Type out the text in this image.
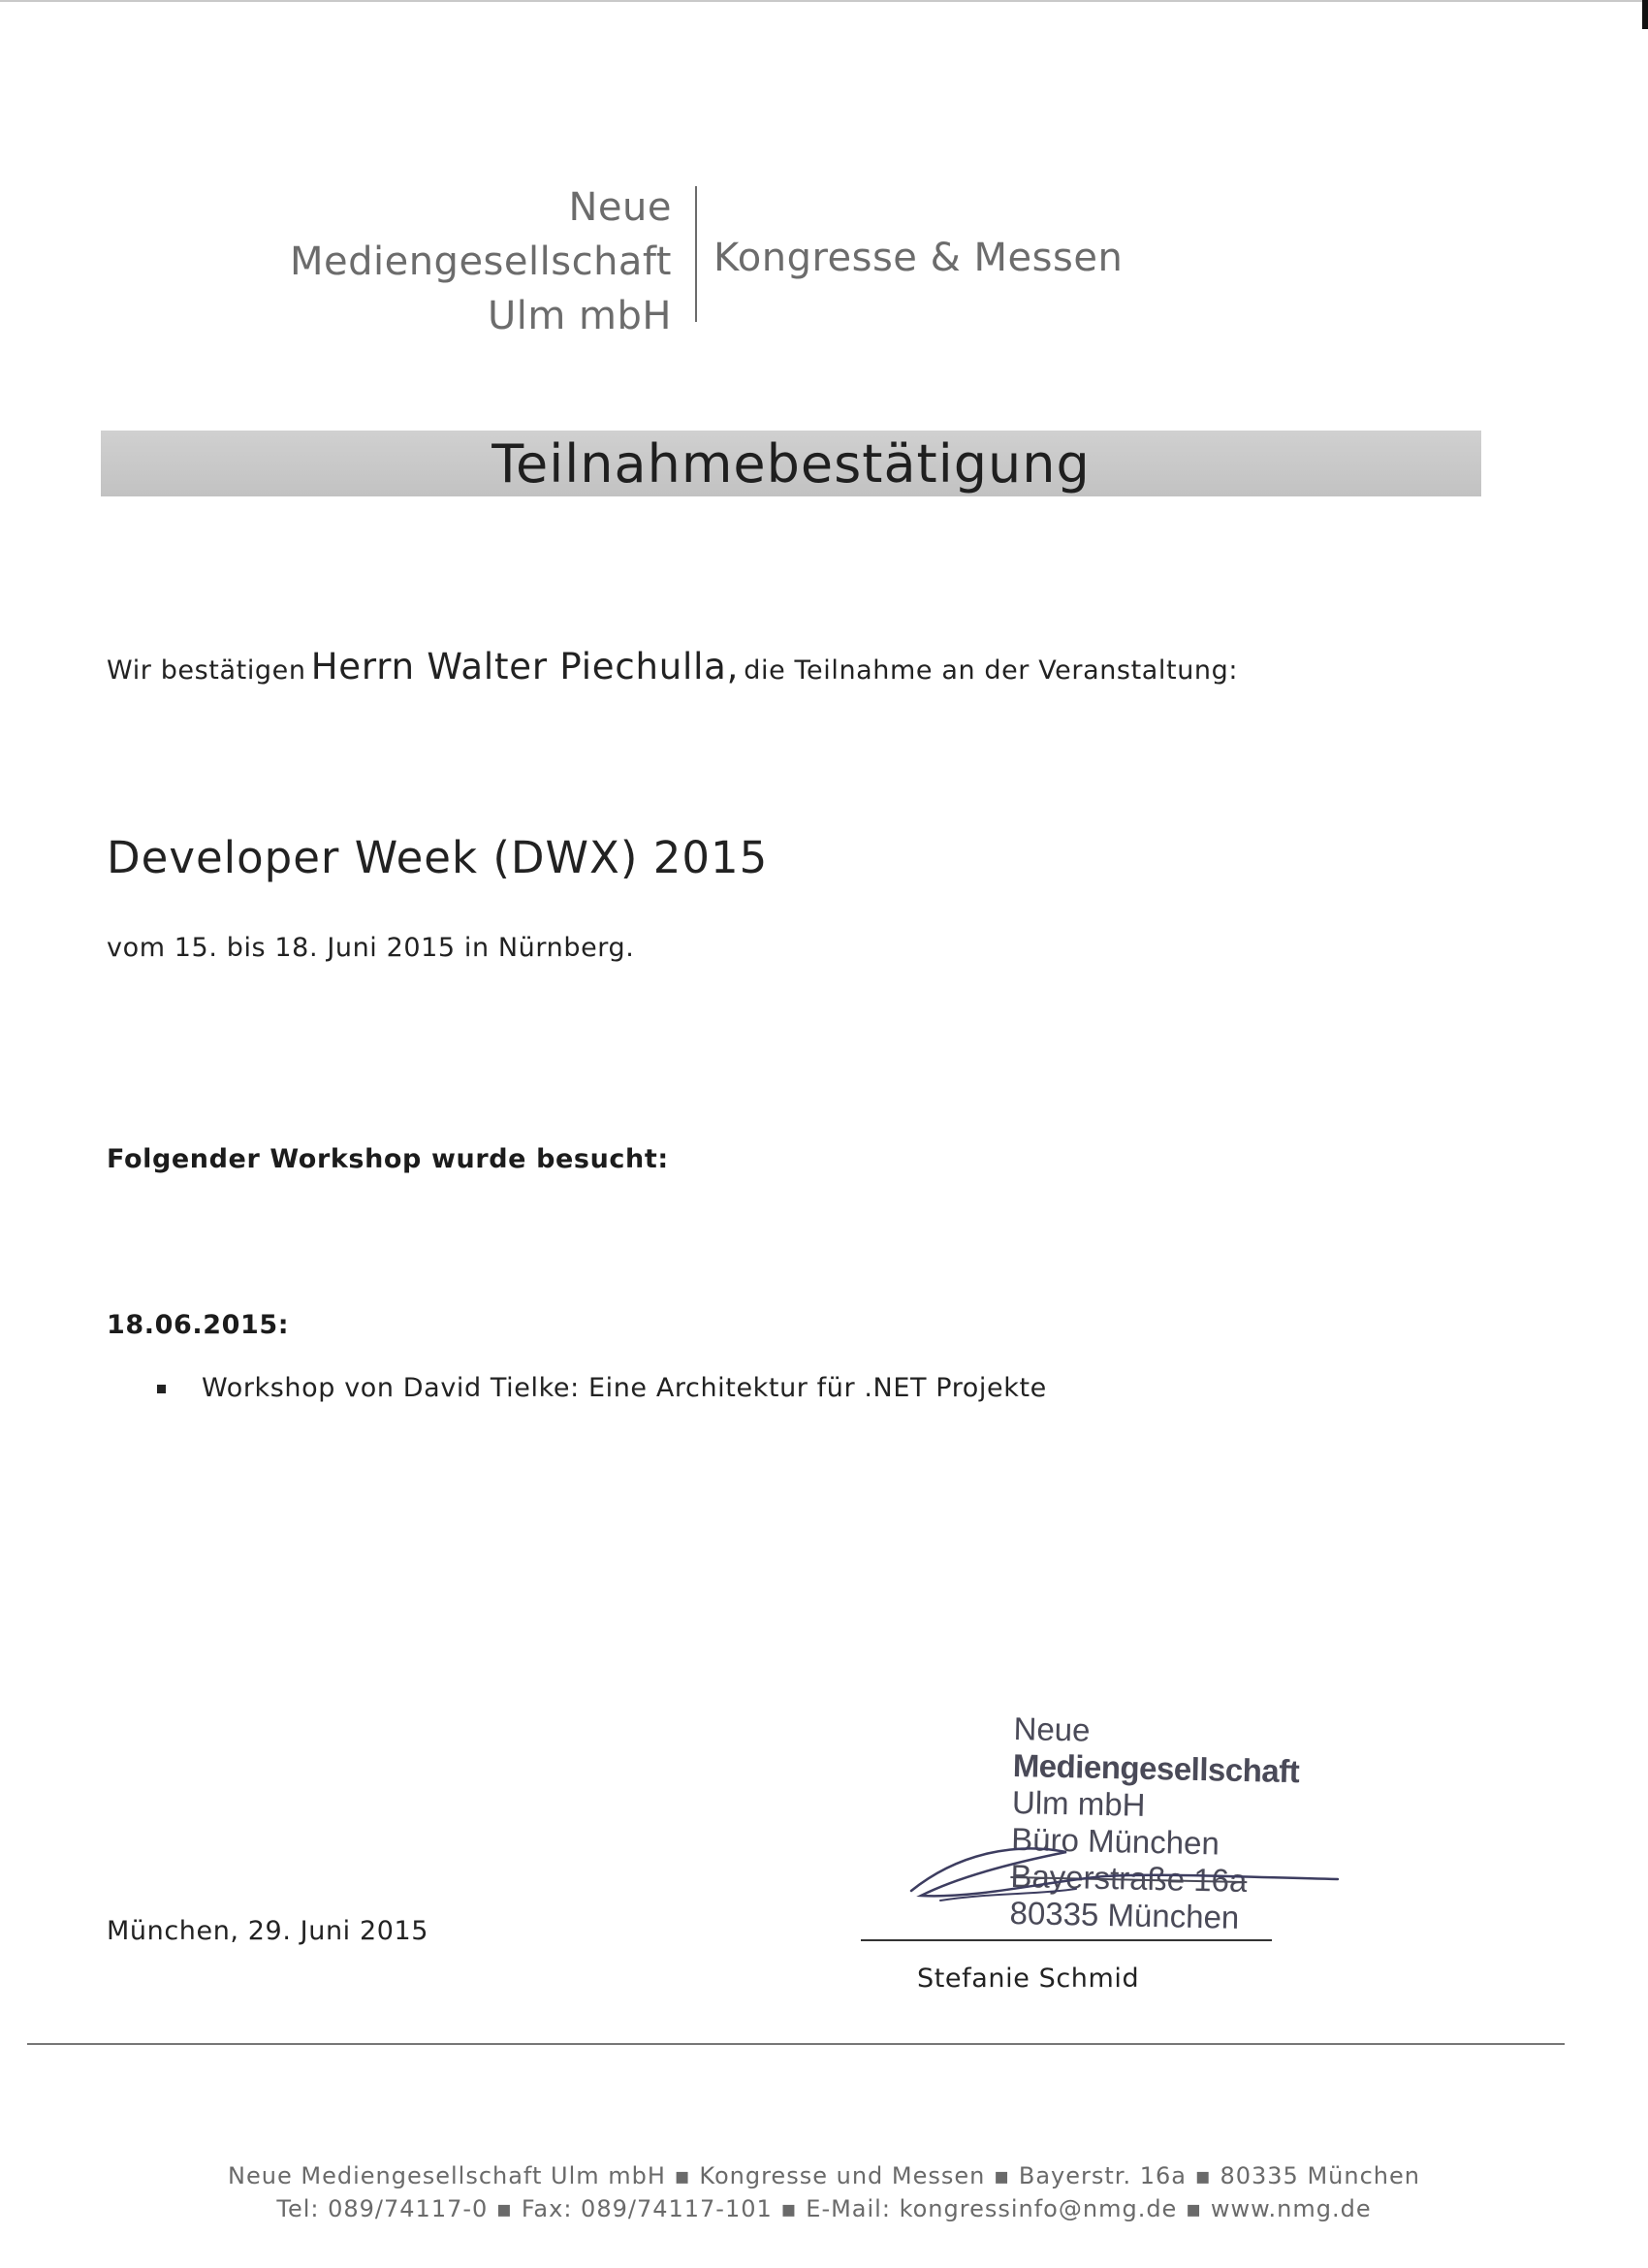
Neue
Mediengesellschaft
Ulm mbH
Kongresse & Messen
Teilnahmebestätigung
Wir bestätigen Herrn Walter Piechulla, die Teilnahme an der Veranstaltung:
Developer Week (DWX) 2015
vom 15. bis 18. Juni 2015 in Nürnberg.
Folgender Workshop wurde besucht:
18.06.2015:
Workshop von David Tielke: Eine Architektur für .NET Projekte
München, 29. Juni 2015
Neue
Mediengesellschaft
Ulm mbH
Büro München
Bayerstraße 16a
80335 München
Stefanie Schmid
Neue Mediengesellschaft Ulm mbH ▪ Kongresse und Messen ▪ Bayerstr. 16a ▪ 80335 München
Tel: 089/74117-0 ▪ Fax: 089/74117-101 ▪ E-Mail: kongressinfo@nmg.de ▪ www.nmg.de
